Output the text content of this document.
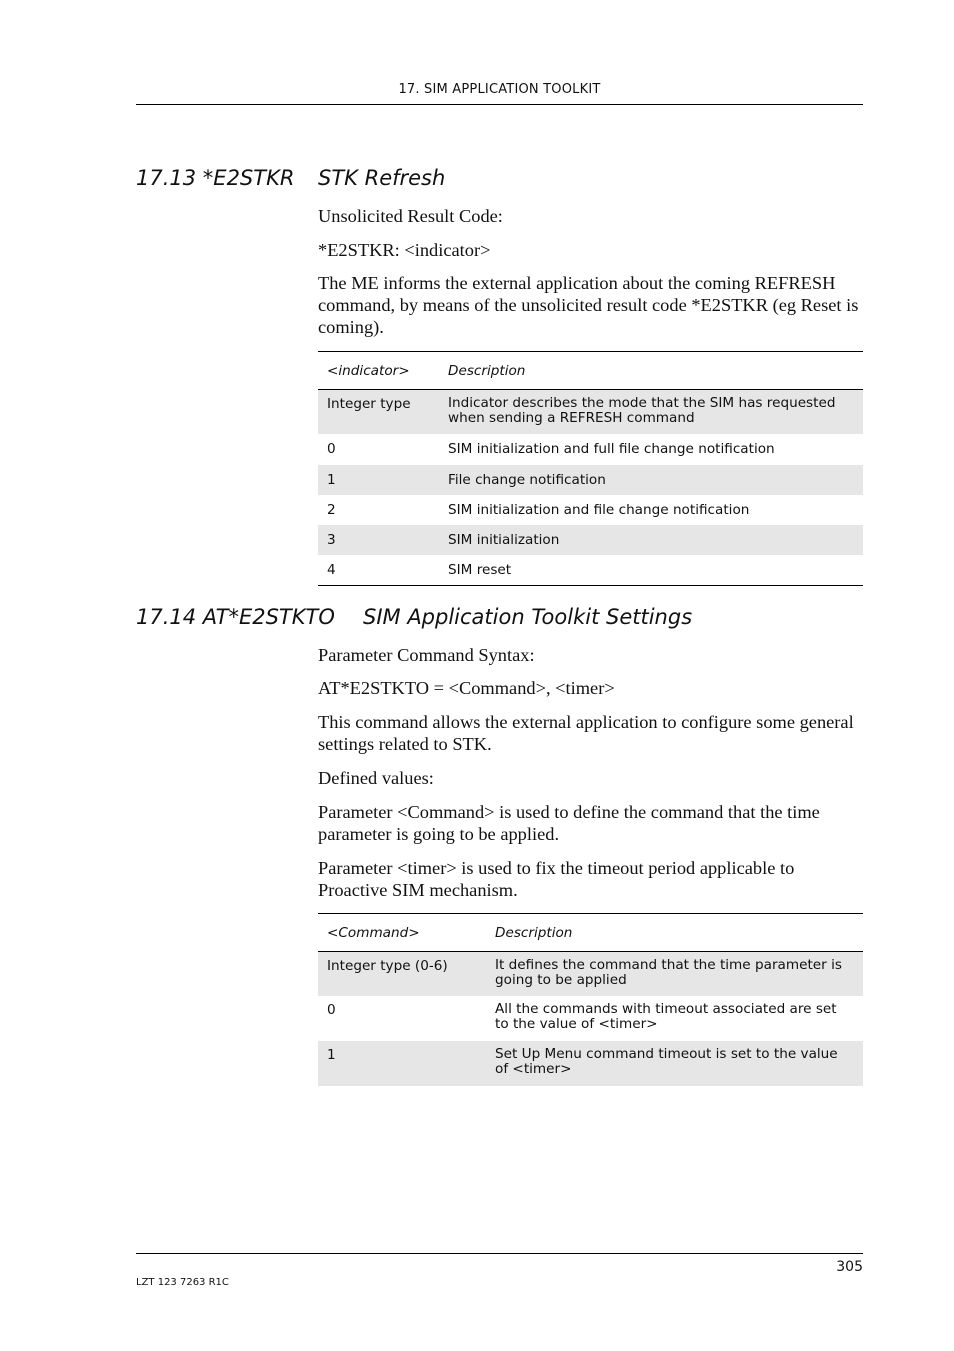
17. SIM APPLICATION TOOLKIT
17.13 *E2STKR STK Refresh

Unsolicited Result Code:

*E2STKR: <indicator>

The ME informs the external application about the coming REFRESH command, by means of the unsolicited result code *E2STKR (eg Reset is coming).

<indicator>	Description
Integer type	Indicator describes the mode that the SIM has requested when sending a REFRESH command

0	SIM initialization and full file change notification
1	File change notification
2	SIM initialization and file change notification
3	SIM initialization
4	SIM reset
17.14 AT*E2STKTO SIM Application Toolkit Settings

Parameter Command Syntax:

AT*E2STKTO = <Command>, <timer>

This command allows the external application to configure some general settings related to STK.

Defined values:

Parameter <Command> is used to define the command that the time parameter is going to be applied.

Parameter <timer> is used to fix the timeout period applicable to Proactive SIM mechanism.

<Command>	Description
Integer type (0-6)	It defines the command that the time parameter is going to be applied

0	All the commands with timeout associated are set to the value of <timer>

1	Set Up Menu command timeout is set to the value of <timer>
305
LZT 123 7263 R1C
